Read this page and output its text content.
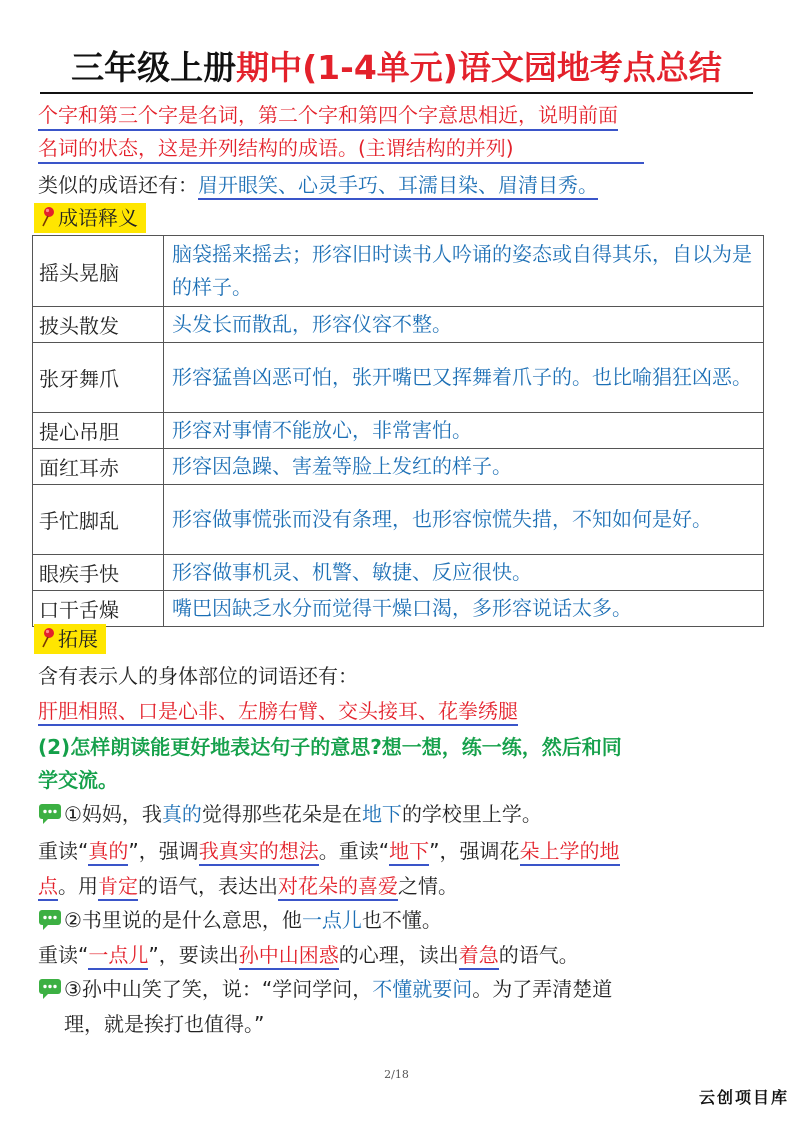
三年级上册期中(1-4单元)语文园地考点总结
个字和第三个字是名词，第二个字和第四个字意思相近，说明前面
名词的状态，这是并列结构的成语。(主谓结构的并列)
类似的成语还有：眉开眼笑、心灵手巧、耳濡目染、眉清目秀。
成语释义
摇头晃脑	脑袋摇来摇去；形容旧时读书人吟诵的姿态或自得其乐，自以为是的样子。
披头散发	头发长而散乱，形容仪容不整。
张牙舞爪	形容猛兽凶恶可怕，张开嘴巴又挥舞着爪子的。也比喻猖狂凶恶。
提心吊胆	形容对事情不能放心，非常害怕。
面红耳赤	形容因急躁、害羞等脸上发红的样子。
手忙脚乱	形容做事慌张而没有条理，也形容惊慌失措，不知如何是好。
眼疾手快	形容做事机灵、机警、敏捷、反应很快。
口干舌燥	嘴巴因缺乏水分而觉得干燥口渴，多形容说话太多。
拓展
含有表示人的身体部位的词语还有：
肝胆相照、口是心非、左膀右臂、交头接耳、花拳绣腿
(2)怎样朗读能更好地表达句子的意思?想一想，练一练，然后和同
学交流。
①妈妈，我真的觉得那些花朵是在地下的学校里上学。
重读“真的”，强调我真实的想法。重读“地下”，强调花朵上学的地
点。用肯定的语气，表达出对花朵的喜爱之情。
②书里说的是什么意思，他一点儿也不懂。
重读“一点儿”，要读出孙中山困惑的心理，读出着急的语气。
③孙中山笑了笑，说：“学问学问，不懂就要问。为了弄清楚道
理，就是挨打也值得。”
2/18
云创项目库
